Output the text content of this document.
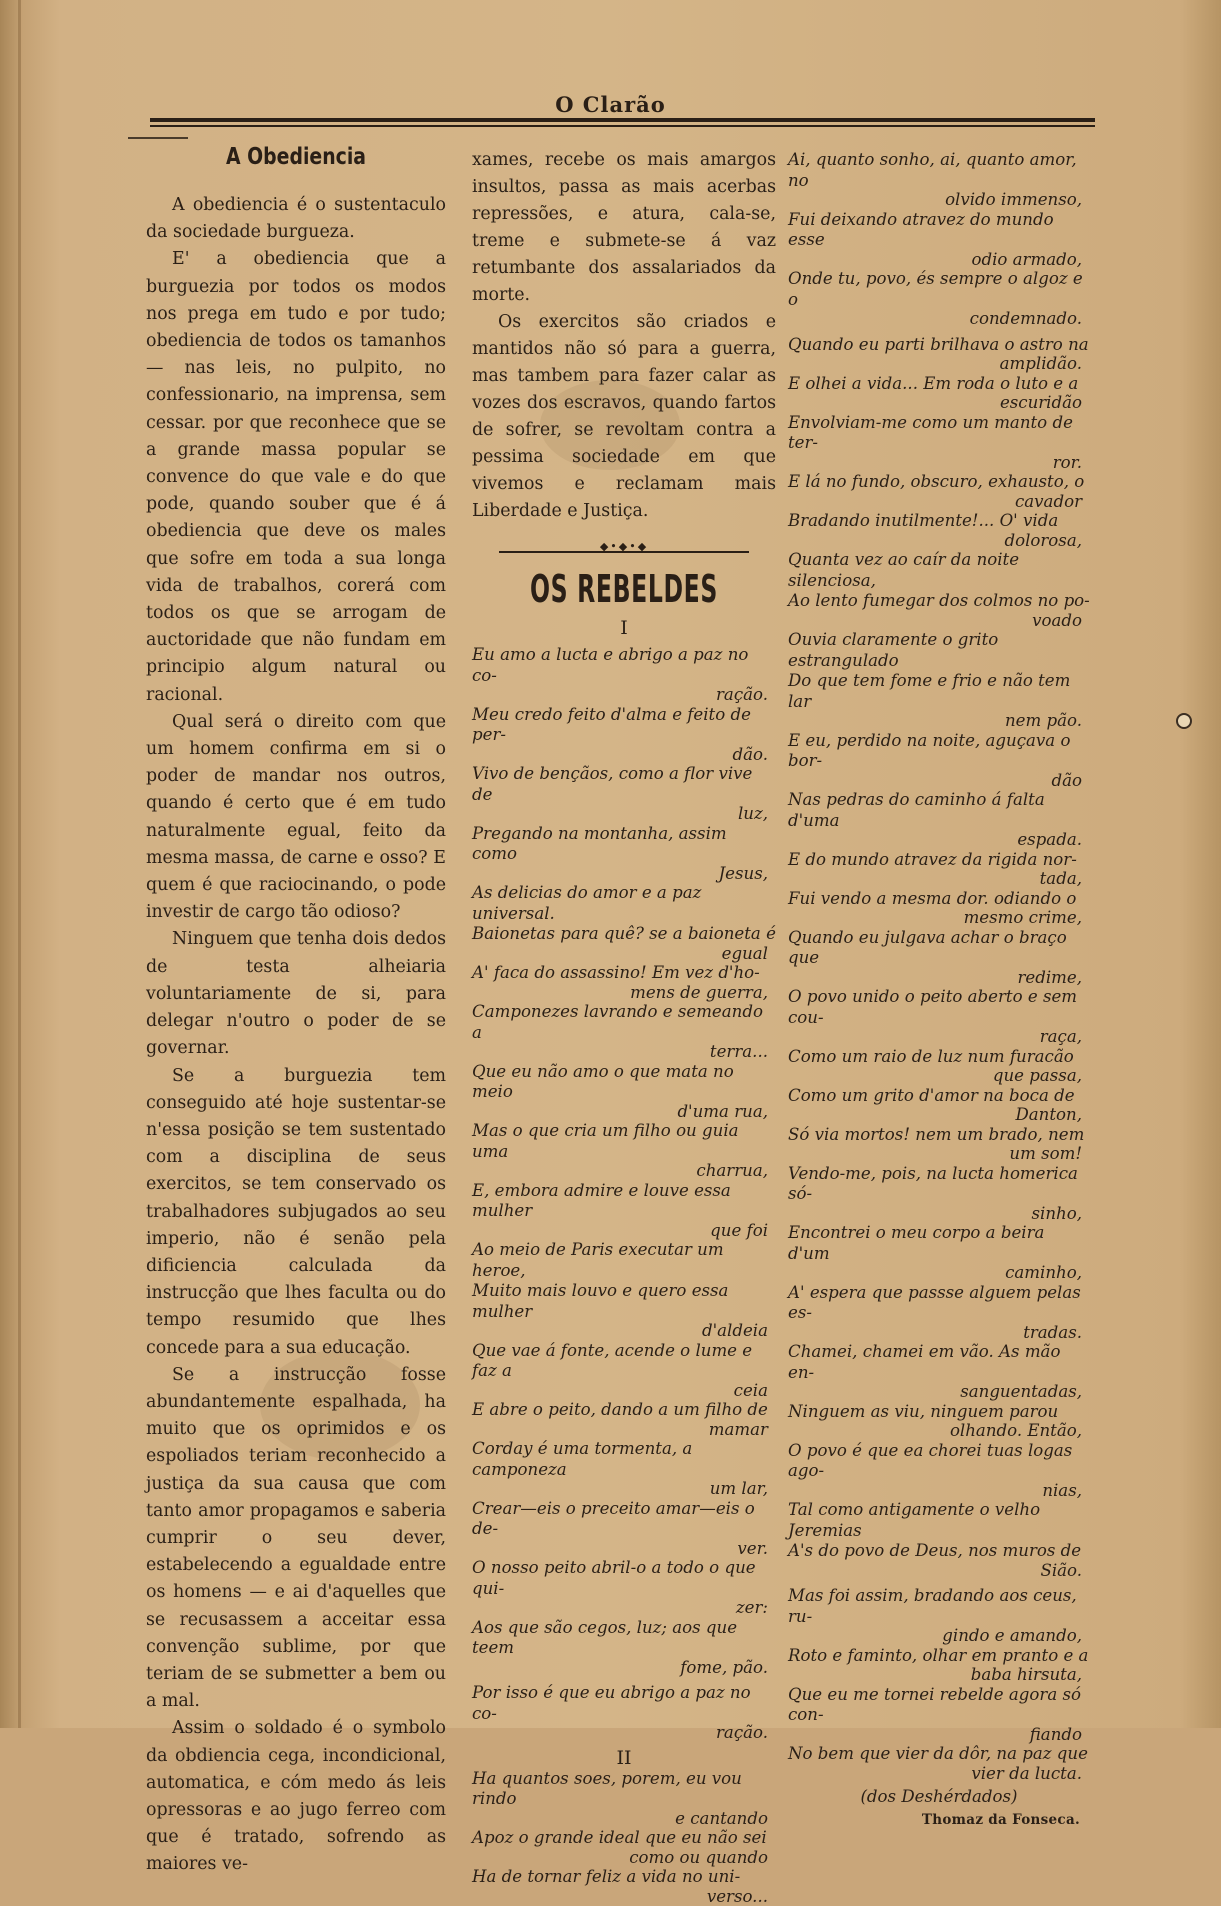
O Clarão
A Obediencia

A obediencia é o sustentaculo da sociedade burgueza.

E' a obediencia que a burguezia por todos os modos nos prega em tudo e por tudo; obediencia de todos os tamanhos — nas leis, no pulpito, no confessionario, na imprensa, sem cessar. por que reconhece que se a grande massa popular se convence do que vale e do que pode, quando souber que é á obediencia que deve os males que sofre em toda a sua longa vida de trabalhos, corerá com todos os que se arrogam de auctoridade que não fundam em principio algum natural ou racional.

Qual será o direito com que um homem confirma em si o poder de mandar nos outros, quando é certo que é em tudo naturalmente egual, feito da mesma massa, de carne e osso? E quem é que raciocinando, o pode investir de cargo tão odioso?

Ninguem que tenha dois dedos de testa alheiaria voluntariamente de si, para delegar n'outro o poder de se governar.

Se a burguezia tem conseguido até hoje sustentar-se n'essa posição se tem sustentado com a disciplina de seus exercitos, se tem conservado os trabalhadores subjugados ao seu imperio, não é senão pela dificiencia calculada da instrucção que lhes faculta ou do tempo resumido que lhes concede para a sua educação.

Se a instrucção fosse abundantemente espalhada, ha muito que os oprimidos e os espoliados teriam reconhecido a justiça da sua causa que com tanto amor propagamos e saberia cumprir o seu dever, estabelecendo a egualdade entre os homens — e ai d'aquelles que se recusassem a acceitar essa convenção sublime, por que teriam de se submetter a bem ou a mal.

Assim o soldado é o symbolo da obdiencia cega, incondicional, automatica, e cóm medo ás leis opressoras e ao jugo ferreo com que é tratado, sofrendo as maiores ve-

xames, recebe os mais amargos insultos, passa as mais acerbas repressões, e atura, cala-se, treme e submete-se á vaz retumbante dos assalariados da morte.

Os exercitos são criados e mantidos não só para a guerra, mas tambem para fazer calar as vozes dos escravos, quando fartos de sofrer, se revoltam contra a pessima sociedade em que vivemos e reclamam mais Liberdade e Justiça.

◆•◆•◆
OS REBELDES
I
Eu amo a lucta e abrigo a paz no co-
ração.
Meu credo feito d'alma e feito de per-
dão.
Vivo de bençãos, como a flor vive de
luz,
Pregando na montanha, assim como
Jesus,
As delicias do amor e a paz universal.
Baionetas para quê? se a baioneta é
egual
A' faca do assassino! Em vez d'ho-
mens de guerra,
Camponezes lavrando e semeando a
terra...
Que eu não amo o que mata no meio
d'uma rua,
Mas o que cria um filho ou guia uma
charrua,
E, embora admire e louve essa mulher
que foi
Ao meio de Paris executar um heroe,
Muito mais louvo e quero essa mulher
d'aldeia
Que vae á fonte, acende o lume e faz a
ceia
E abre o peito, dando a um filho de
mamar
Corday é uma tormenta, a camponeza
um lar,
Crear—eis o preceito amar—eis o de-
ver.
O nosso peito abril-o a todo o que qui-
zer:
Aos que são cegos, luz; aos que teem
fome, pão.
Por isso é que eu abrigo a paz no co-
ração.
II
Ha quantos soes, porem, eu vou rindo
e cantando
Apoz o grande ideal que eu não sei
como ou quando
Ha de tornar feliz a vida no uni-
verso...
Ai, quanto sonho, ai, quanto amor, no
olvido immenso,
Fui deixando atravez do mundo esse
odio armado,
Onde tu, povo, és sempre o algoz e o
condemnado.
Quando eu parti brilhava o astro na
amplidão.
E olhei a vida... Em roda o luto e a
escuridão
Envolviam-me como um manto de ter-
ror.
E lá no fundo, obscuro, exhausto, o
cavador
Bradando inutilmente!... O' vida
dolorosa,
Quanta vez ao caír da noite silenciosa,
Ao lento fumegar dos colmos no po-
voado
Ouvia claramente o grito estrangulado
Do que tem fome e frio e não tem lar
nem pão.
E eu, perdido na noite, aguçava o bor-
dão
Nas pedras do caminho á falta d'uma
espada.
E do mundo atravez da rigida nor-
tada,
Fui vendo a mesma dor. odiando o
mesmo crime,
Quando eu julgava achar o braço que
redime,
O povo unido o peito aberto e sem cou-
raça,
Como um raio de luz num furacão
que passa,
Como um grito d'amor na boca de
Danton,
Só via mortos! nem um brado, nem
um som!
Vendo-me, pois, na lucta homerica só-
sinho,
Encontrei o meu corpo a beira d'um
caminho,
A' espera que passse alguem pelas es-
tradas.
Chamei, chamei em vão. As mão en-
sanguentadas,
Ninguem as viu, ninguem parou
olhando. Então,
O povo é que ea chorei tuas logas ago-
nias,
Tal como antigamente o velho Jeremias
A's do povo de Deus, nos muros de
Sião.
Mas foi assim, bradando aos ceus, ru-
gindo e amando,
Roto e faminto, olhar em pranto e a
baba hirsuta,
Que eu me tornei rebelde agora só con-
fiando
No bem que vier da dôr, na paz que
vier da lucta.
(dos Deshérdados)
Thomaz da Fonseca.
